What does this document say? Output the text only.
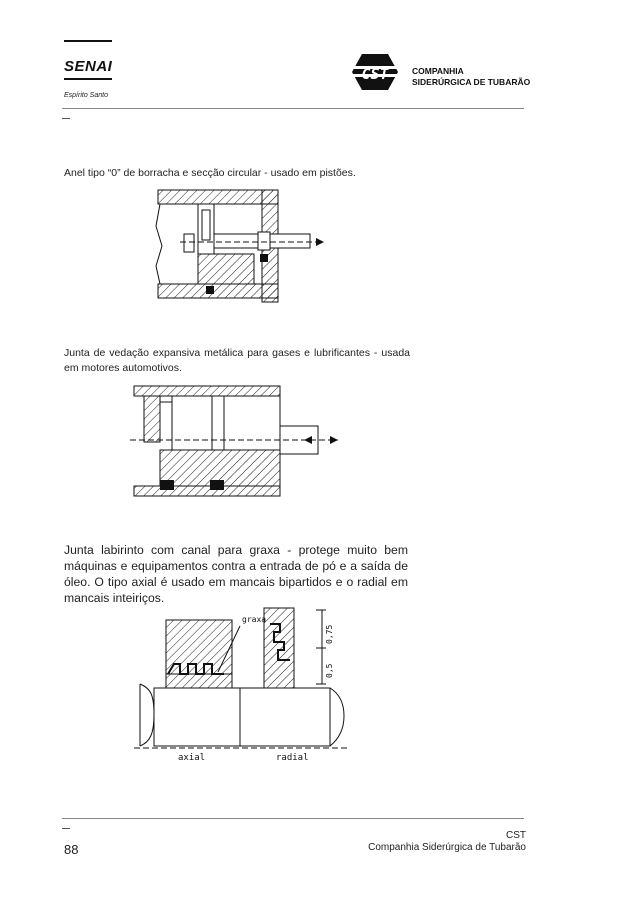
SENAI
Espírito Santo
CST	COMPANHIA
SIDERÚRGICA DE TUBARÃO
Anel tipo “0” de borracha e secção circular - usado em pistões.
Junta de vedação expansiva metálica para gases e lubrificantes - usada em motores automotivos.
Junta labirinto com canal para graxa - protege muito bem máquinas e equipamentos contra a entrada de pó e a saída de óleo. O tipo axial é usado em mancais bipartidos e o radial em mancais inteiriços.
graxa
0,75
0,5
axial	radial
88
CST
Companhia Siderúrgica de Tubarão
